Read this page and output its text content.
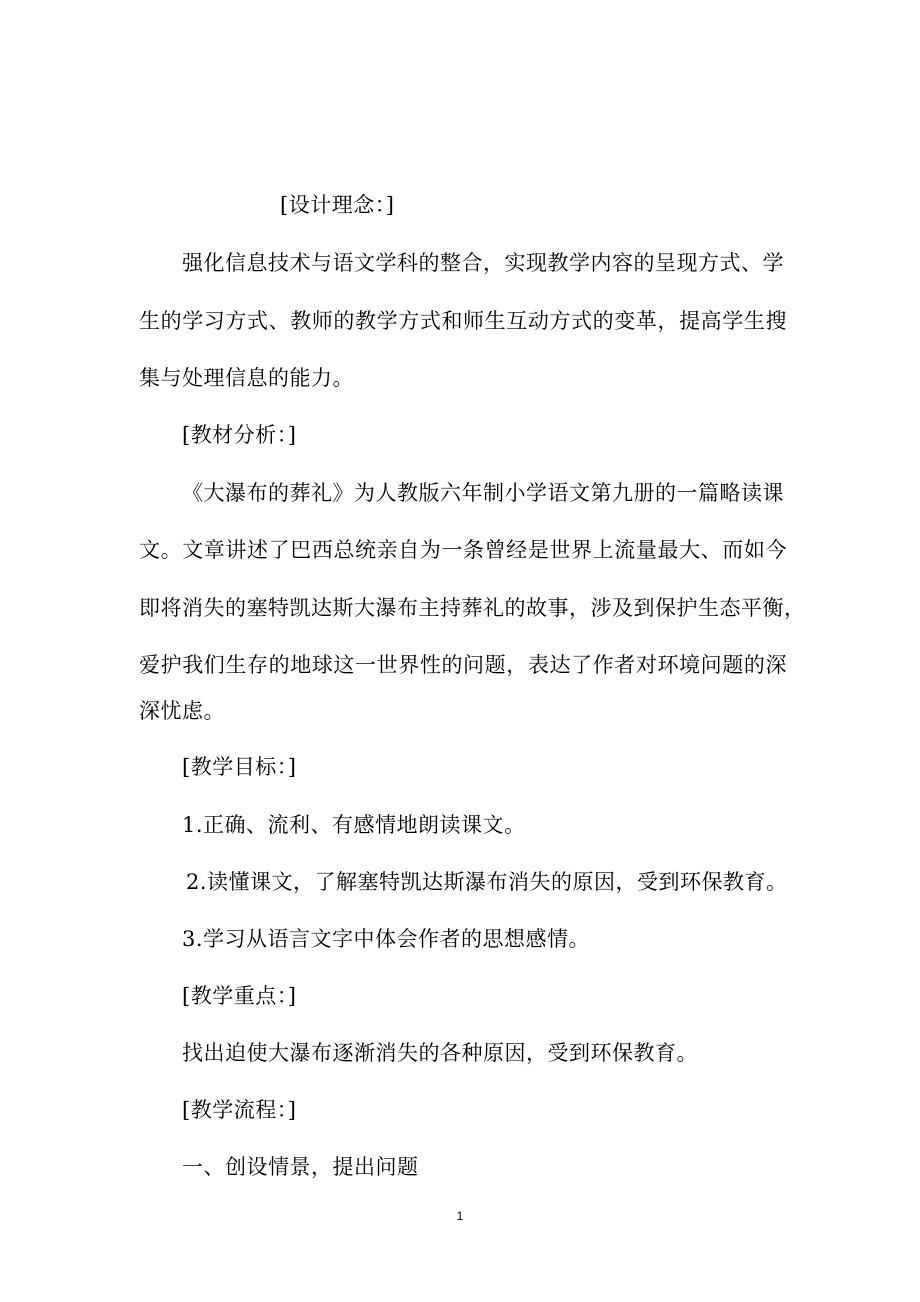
[设计理念：]
强化信息技术与语文学科的整合，实现教学内容的呈现方式、学
生的学习方式、教师的教学方式和师生互动方式的变革，提高学生搜
集与处理信息的能力。
[教材分析：]
《大瀑布的葬礼》为人教版六年制小学语文第九册的一篇略读课
文。文章讲述了巴西总统亲自为一条曾经是世界上流量最大、而如今
即将消失的塞特凯达斯大瀑布主持葬礼的故事，涉及到保护生态平衡，
爱护我们生存的地球这一世界性的问题，表达了作者对环境问题的深
深忧虑。
[教学目标：]
1.正确、流利、有感情地朗读课文。
2.读懂课文，了解塞特凯达斯瀑布消失的原因，受到环保教育。
3.学习从语言文字中体会作者的思想感情。
[教学重点：]
找出迫使大瀑布逐渐消失的各种原因，受到环保教育。
[教学流程：]
一、创设情景，提出问题
1
